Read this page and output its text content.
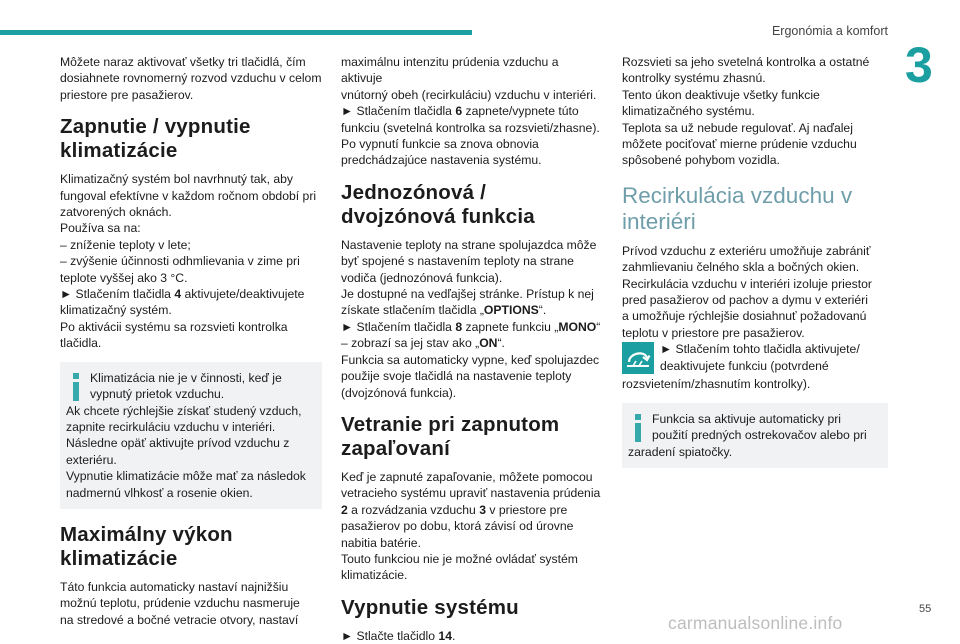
Ergonómia a komfort
3

Môžete naraz aktivovať všetky tri tlačidlá, čím

dosiahnete rovnomerný rozvod vzduchu v celom

priestore pre pasažierov.

Zapnutie / vypnutie klimatizácie

Klimatizačný systém bol navrhnutý tak, aby

fungoval efektívne v každom ročnom období pri

zatvorených oknách.

Používa sa na:

– zníženie teploty v lete;

– zvýšenie účinnosti odhmlievania v zime pri

teplote vyššej ako 3 °C.

► Stlačením tlačidla 4 aktivujete/deaktivujete

klimatizačný systém.

Po aktivácii systému sa rozsvieti kontrolka

tlačidla.

Klimatizácia nie je v činnosti, keď je

vypnutý prietok vzduchu.

Ak chcete rýchlejšie získať studený vzduch,

zapnite recirkuláciu vzduchu v interiéri.

Následne opäť aktivujte prívod vzduchu z

exteriéru.

Vypnutie klimatizácie môže mať za následok

nadmernú vlhkosť a rosenie okien.

Maximálny výkon klimatizácie

Táto funkcia automaticky nastaví najnižšiu

možnú teplotu, prúdenie vzduchu nasmeruje

na stredové a bočné vetracie otvory, nastaví

maximálnu intenzitu prúdenia vzduchu a aktivuje

vnútorný obeh (recirkuláciu) vzduchu v interiéri.

► Stlačením tlačidla 6 zapnete/vypnete túto

funkciu (svetelná kontrolka sa rozsvieti/zhasne).

Po vypnutí funkcie sa znova obnovia

predchádzajúce nastavenia systému.

Jednozónová / dvojzónová funkcia

Nastavenie teploty na strane spolujazdca môže

byť spojené s nastavením teploty na strane

vodiča (jednozónová funkcia).

Je dostupné na vedľajšej stránke. Prístup k nej

získate stlačením tlačidla „OPTIONS“.

► Stlačením tlačidla 8 zapnete funkciu „MONO“

– zobrazí sa jej stav ako „ON“.

Funkcia sa automaticky vypne, keď spolujazdec

použije svoje tlačidlá na nastavenie teploty

(dvojzónová funkcia).

Vetranie pri zapnutom zapaľovaní

Keď je zapnuté zapaľovanie, môžete pomocou

vetracieho systému upraviť nastavenia prúdenia

2 a rozvádzania vzduchu 3 v priestore pre

pasažierov po dobu, ktorá závisí od úrovne

nabitia batérie.

Touto funkciou nie je možné ovládať systém

klimatizácie.

Vypnutie systému

► Stlačte tlačidlo 14.

Rozsvieti sa jeho svetelná kontrolka a ostatné

kontrolky systému zhasnú.

Tento úkon deaktivuje všetky funkcie

klimatizačného systému.

Teplota sa už nebude regulovať. Aj naďalej

môžete pociťovať mierne prúdenie vzduchu

spôsobené pohybom vozidla.

Recirkulácia vzduchu v interiéri

Prívod vzduchu z exteriéru umožňuje zabrániť

zahmlievaniu čelného skla a bočných okien.

Recirkulácia vzduchu v interiéri izoluje priestor

pred pasažierov od pachov a dymu v exteriéri

a umožňuje rýchlejšie dosiahnuť požadovanú

teplotu v priestore pre pasažierov.

► Stlačením tohto tlačidla aktivujete/

deaktivujete funkciu (potvrdené

rozsvietením/zhasnutím kontrolky).

Funkcia sa aktivuje automaticky pri

použití predných ostrekovačov alebo pri

zaradení spiatočky.

55
carmanualsonline.info
